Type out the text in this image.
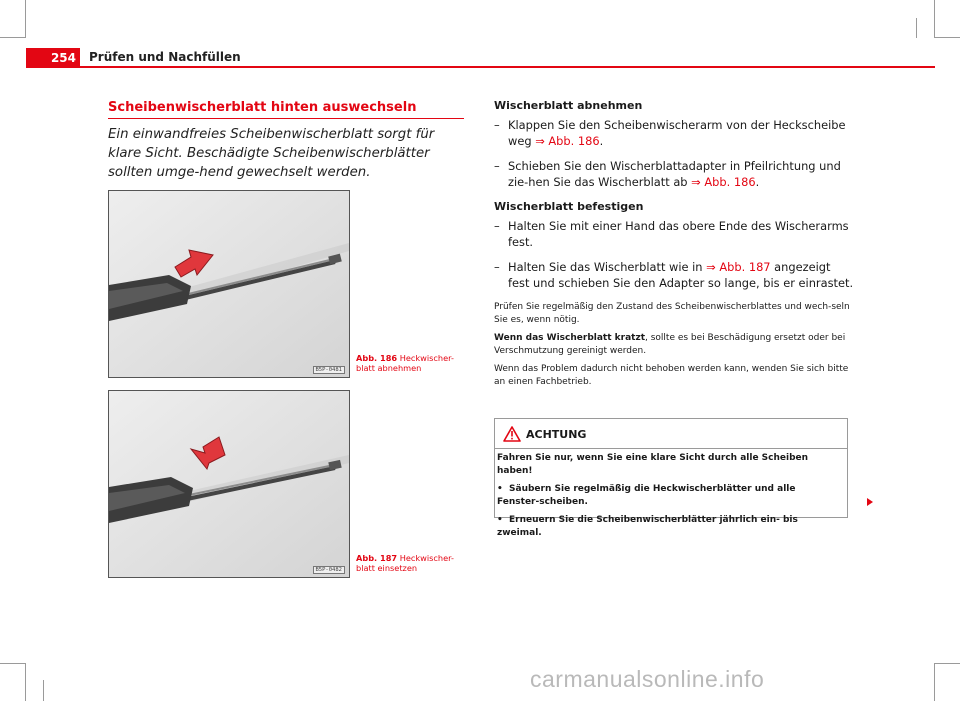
254	Prüfen und Nachfüllen
Scheibenwischerblatt hinten auswechseln
Ein einwandfreies Scheibenwischerblatt sorgt für klare Sicht. Beschädigte Scheibenwischerblätter sollten umge-hend gewechselt werden.
B5P-0481
Abb. 186 Heckwischer-blatt abnehmen
B5P-0482
Abb. 187 Heckwischer-blatt einsetzen

Wischerblatt abnehmen

– Klappen Sie den Scheibenwischerarm von der Heckscheibe weg ⇒ Abb. 186.

– Schieben Sie den Wischerblattadapter in Pfeilrichtung und zie-hen Sie das Wischerblatt ab ⇒ Abb. 186.

Wischerblatt befestigen

– Halten Sie mit einer Hand das obere Ende des Wischerarms fest.

– Halten Sie das Wischerblatt wie in ⇒ Abb. 187 angezeigt fest und schieben Sie den Adapter so lange, bis er einrastet.

Prüfen Sie regelmäßig den Zustand des Scheibenwischerblattes und wech-seln Sie es, wenn nötig.

Wenn das Wischerblatt kratzt, sollte es bei Beschädigung ersetzt oder bei Verschmutzung gereinigt werden.

Wenn das Problem dadurch nicht behoben werden kann, wenden Sie sich bitte an einen Fachbetrieb.

ACHTUNG

Fahren Sie nur, wenn Sie eine klare Sicht durch alle Scheiben haben!

•  Säubern Sie regelmäßig die Heckwischerblätter und alle Fenster-scheiben.

•  Erneuern Sie die Scheibenwischerblätter jährlich ein- bis zweimal.

carmanualsonline.info
